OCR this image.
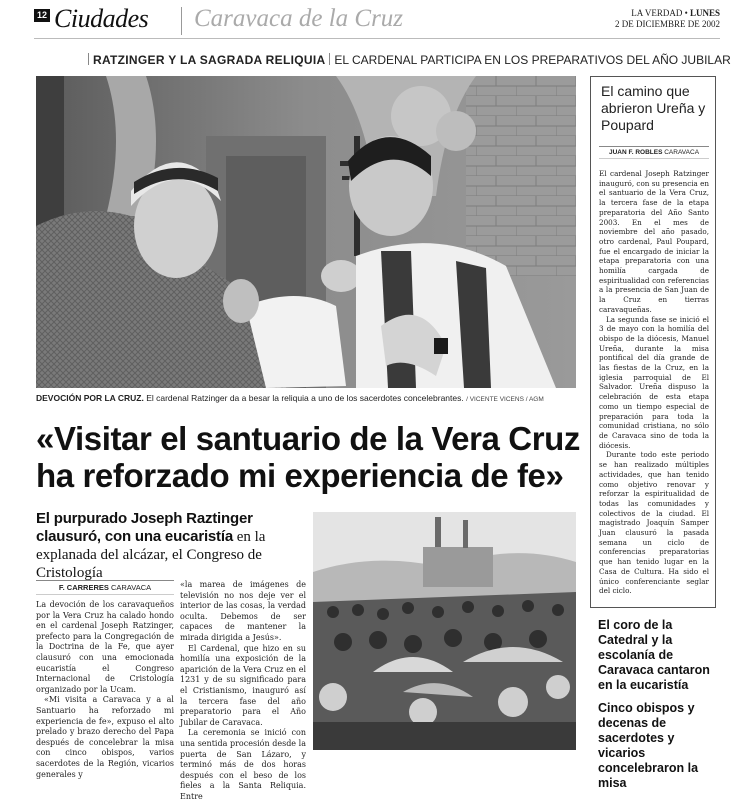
12 Ciudades Caravaca de la Cruz	LA VERDAD • LUNES
2 DE DICIEMBRE DE 2002
RATZINGER Y LA SAGRADA RELIQUIA EL CARDENAL PARTICIPA EN LOS PREPARATIVOS DEL AÑO JUBILAR
DEVOCIÓN POR LA CRUZ. El cardenal Ratzinger da a besar la reliquia a uno de los sacerdotes concelebrantes. / VICENTE VICENS / AGM
«Visitar el santuario de la Vera Cruz
ha reforzado mi experiencia de fe»
El purpurado Joseph Raztinger clausuró, con una eucaristía en la explanada del alcázar, el Congreso de Cristología
F. CARRERES CARAVACA

La devoción de los caravaqueños por la Vera Cruz ha calado hondo en el cardenal Joseph Ratzinger, prefecto para la Congregación de la Doctrina de la Fe, que ayer clausuró con una emocionada eucaristía el Congreso Internacional de Cristología organizado por la Ucam.

«Mi visita a Caravaca y a al Santuario ha reforzado mi experiencia de fe», expuso el alto prelado y brazo derecho del Papa después de concelebrar la misa con cinco obispos, varios sacerdotes de la Región, vicarios generales y

«la marea de imágenes de televisión no nos deje ver el interior de las cosas, la verdad oculta. Debemos de ser capaces de mantener la mirada dirigida a Jesús».

El Cardenal, que hizo en su homilía una exposición de la aparición de la Vera Cruz en el 1231 y de su significado para el Cristianismo, inauguró así la tercera fase del año preparatorio para el Año Jubilar de Caravaca.

La ceremonia se inició con una sentida procesión desde la puerta de San Lázaro, y terminó más de dos horas después con el beso de los fieles a la Santa Reliquia. Entre

El camino que abrieron Ureña y Poupard
JUAN F. ROBLES CARAVACA

El cardenal Joseph Ratzinger inauguró, con su presencia en el santuario de la Vera Cruz, la tercera fase de la etapa preparatoria del Año Santo 2003. En el mes de noviembre del año pasado, otro cardenal, Paul Poupard, fue el encargado de iniciar la etapa preparatoria con una homilía cargada de espiritualidad con referencias a la presencia de San Juan de la Cruz en tierras caravaqueñas.

La segunda fase se inició el 3 de mayo con la homilía del obispo de la diócesis, Manuel Ureña, durante la misa pontifical del día grande de las fiestas de la Cruz, en la iglesia parroquial de El Salvador. Ureña dispuso la celebración de esta etapa como un tiempo especial de preparación para toda la comunidad cristiana, no sólo de Caravaca sino de toda la diócesis.

Durante todo este periodo se han realizado múltiples actividades, que han tenido como objetivo renovar y reforzar la espiritualidad de todas las comunidades y colectivos de la ciudad. El magistrado Joaquín Samper Juan clausuró la pasada semana un ciclo de conferencias preparatorias que han tenido lugar en la Casa de Cultura. Ha sido el único conferenciante seglar del ciclo.

El coro de la Catedral y la escolanía de Caravaca cantaron en la eucaristía
Cinco obispos y decenas de sacerdotes y vicarios concelebraron la misa
